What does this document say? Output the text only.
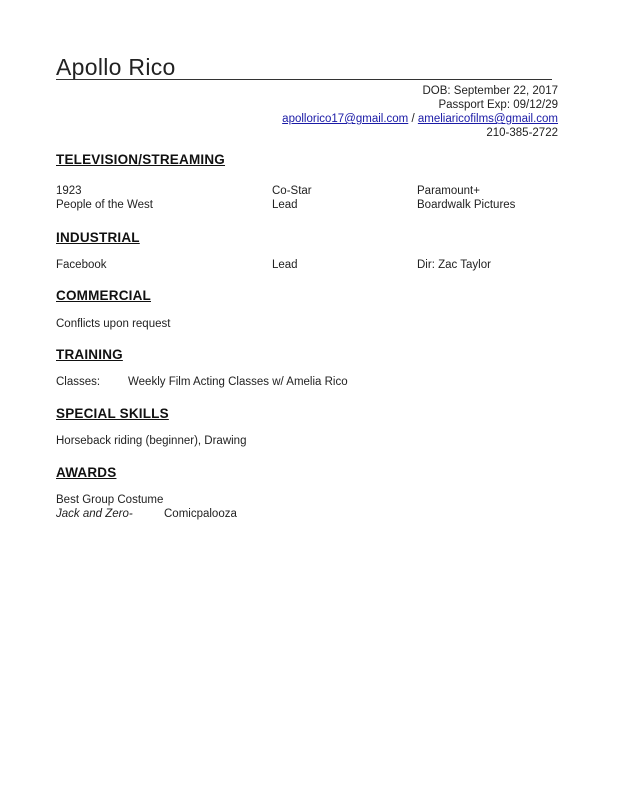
Apollo Rico
DOB: September 22, 2017
Passport Exp: 09/12/29
apollorico17@gmail.com / ameliaricofilms@gmail.com
210-385-2722
TELEVISION/STREAMING
1923	Co-Star	Paramount+
People of the West	Lead	Boardwalk Pictures
INDUSTRIAL
Facebook	Lead	Dir: Zac Taylor
COMMERCIAL
Conflicts upon request
TRAINING
Classes: Weekly Film Acting Classes w/ Amelia Rico
SPECIAL SKILLS
Horseback riding (beginner), Drawing
AWARDS
Best Group Costume
Jack and Zero-	Comicpalooza
